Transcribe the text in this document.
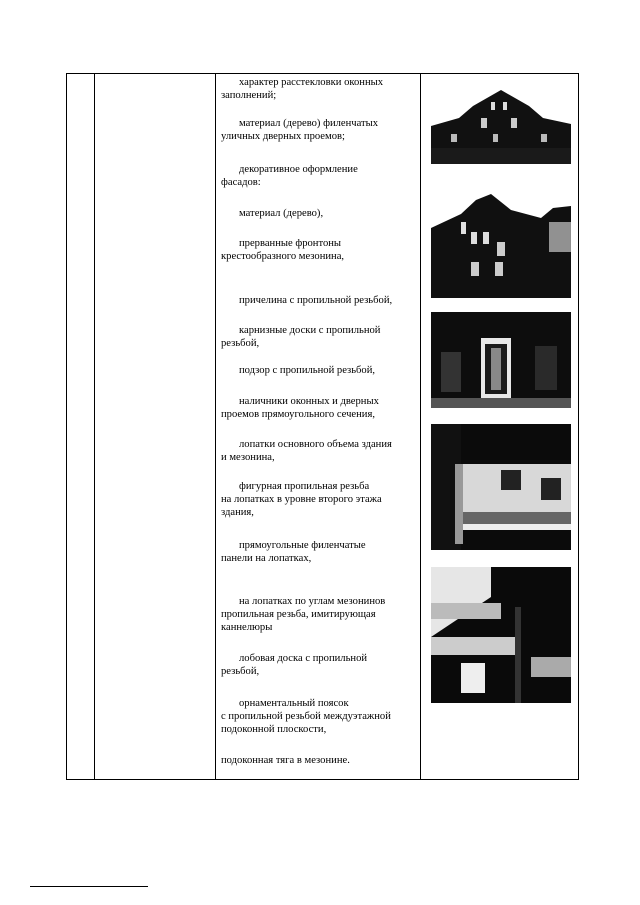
характер расстекловки оконных
заполнений;
материал (дерево) филенчатых
уличных дверных проемов;
декоративное оформление
фасадов:
материал (дерево),
прерванные фронтоны
крестообразного мезонина,
причелина с пропильной резьбой,
карнизные доски с пропильной
резьбой,
подзор с пропильной резьбой,
наличники оконных и дверных
проемов прямоугольного сечения,
лопатки основного объема здания
и мезонина,
фигурная пропильная резьба
на лопатках в уровне второго этажа
здания,
прямоугольные филенчатые
панели на лопатках,
на лопатках по углам мезонинов
пропильная резьба, имитирующая
каннелюры
лобовая доска с пропильной
резьбой,
орнаментальный поясок
с пропильной резьбой междуэтажной
подоконной плоскости,
подоконная тяга в мезонине.
